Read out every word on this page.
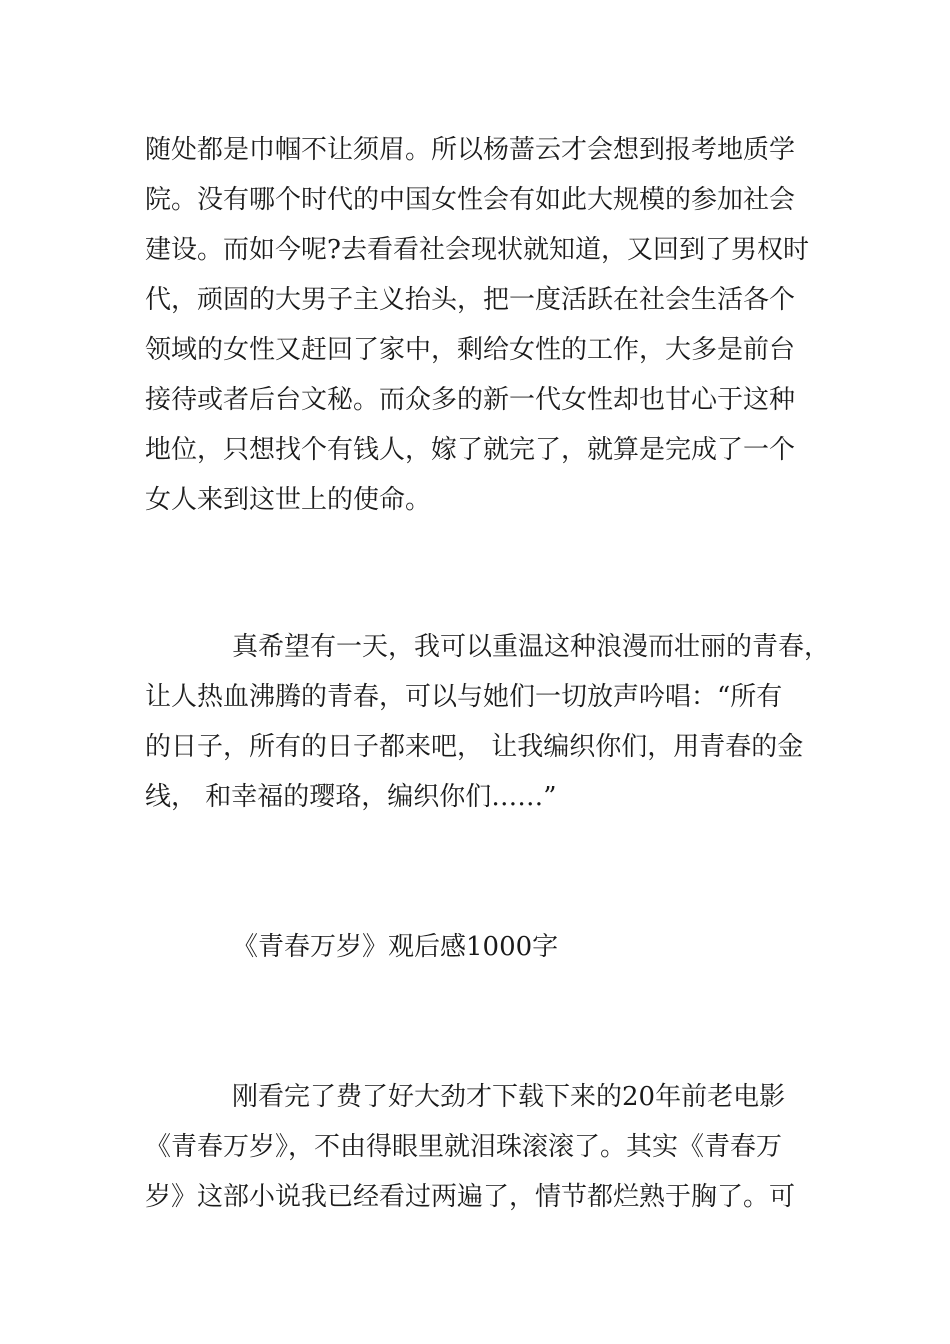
随处都是巾帼不让须眉。所以杨蔷云才会想到报考地质学
院。没有哪个时代的中国女性会有如此大规模的参加社会
建设。而如今呢?去看看社会现状就知道，又回到了男权时
代，顽固的大男子主义抬头，把一度活跃在社会生活各个
领域的女性又赶回了家中，剩给女性的工作，大多是前台
接待或者后台文秘。而众多的新一代女性却也甘心于这种
地位，只想找个有钱人，嫁了就完了，就算是完成了一个
女人来到这世上的使命。

真希望有一天，我可以重温这种浪漫而壮丽的青春，
让人热血沸腾的青春，可以与她们一切放声吟唱：“所有
的日子，所有的日子都来吧， 让我编织你们，用青春的金
线， 和幸福的璎珞，编织你们……”

《青春万岁》观后感1000字

刚看完了费了好大劲才下载下来的20年前老电影
《青春万岁》，不由得眼里就泪珠滚滚了。其实《青春万
岁》这部小说我已经看过两遍了，情节都烂熟于胸了。可
